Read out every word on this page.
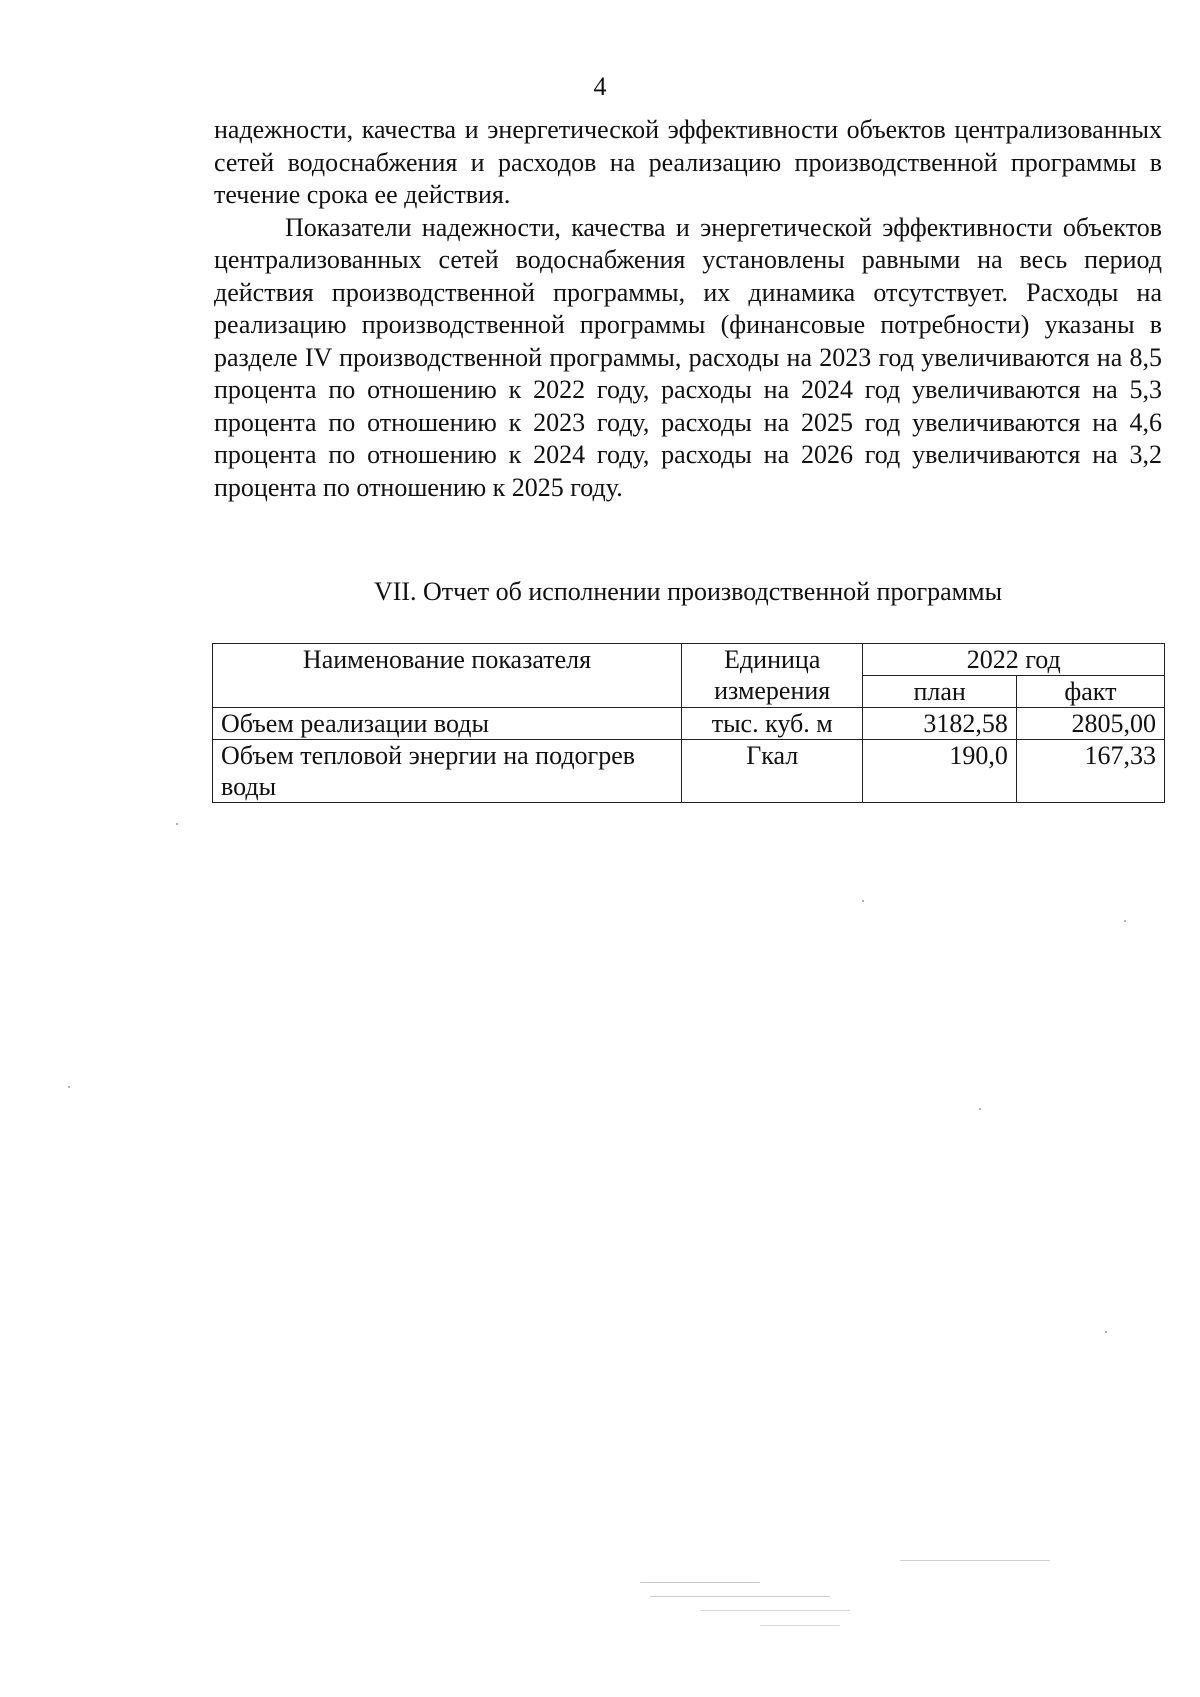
4

надежности, качества и энергетической эффективности объектов централизованных сетей водоснабжения и расходов на реализацию производственной программы в течение срока ее действия.

Показатели надежности, качества и энергетической эффективности объектов централизованных сетей водоснабжения установлены равными на весь период действия производственной программы, их динамика отсутствует. Расходы на реализацию производственной программы (финансовые потребности) указаны в разделе IV производственной программы, расходы на 2023 год увеличиваются на 8,5 процента по отношению к 2022 году, расходы на 2024 год увеличиваются на 5,3 процента по отношению к 2023 году, расходы на 2025 год увеличиваются на 4,6 процента по отношению к 2024 году, расходы на 2026 год увеличиваются на 3,2 процента по отношению к 2025 году.

VII. Отчет об исполнении производственной программы
Наименование показателя	Единица измерения	2022 год	
		план	факт
Объем реализации воды	тыс. куб. м	3182,58	2805,00
Объем тепловой энергии на подогрев воды	Гкал	190,0	167,33
